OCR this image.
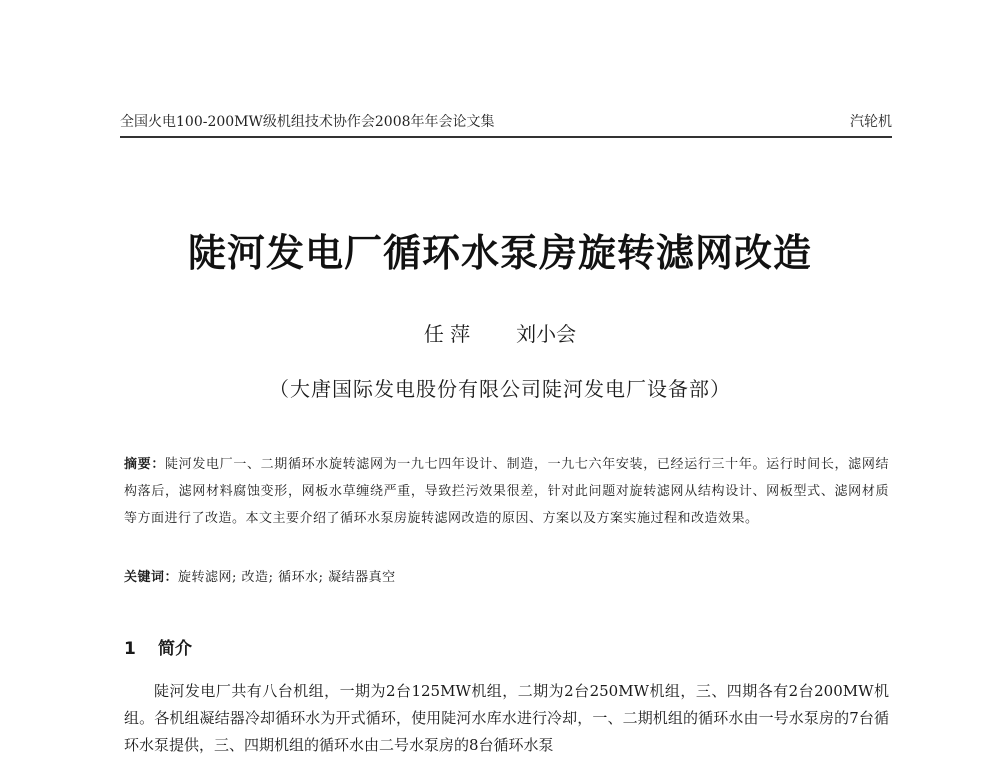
全国火电100-200MW级机组技术协作会2008年年会论文集	汽轮机
陡河发电厂循环水泵房旋转滤网改造
任 萍 刘小会
（大唐国际发电股份有限公司陡河发电厂设备部）
摘要：陡河发电厂一、二期循环水旋转滤网为一九七四年设计、制造，一九七六年安装，已经运行三十年。运行时间长，滤网结构落后，滤网材料腐蚀变形，网板水草缠绕严重，导致拦污效果很差，针对此问题对旋转滤网从结构设计、网板型式、滤网材质等方面进行了改造。本文主要介绍了循环水泵房旋转滤网改造的原因、方案以及方案实施过程和改造效果。
关键词：旋转滤网 ; 改造 ; 循环水 ; 凝结器真空
1 简介
陡河发电厂共有八台机组，一期为2台125MW机组，二期为2台250MW机组，三、四期各有2台200MW机组。各机组凝结器冷却循环水为开式循环，使用陡河水库水进行冷却，一、二期机组的循环水由一号水泵房的7台循环水泵提供，三、四期机组的循环水由二号水泵房的8台循环水泵
